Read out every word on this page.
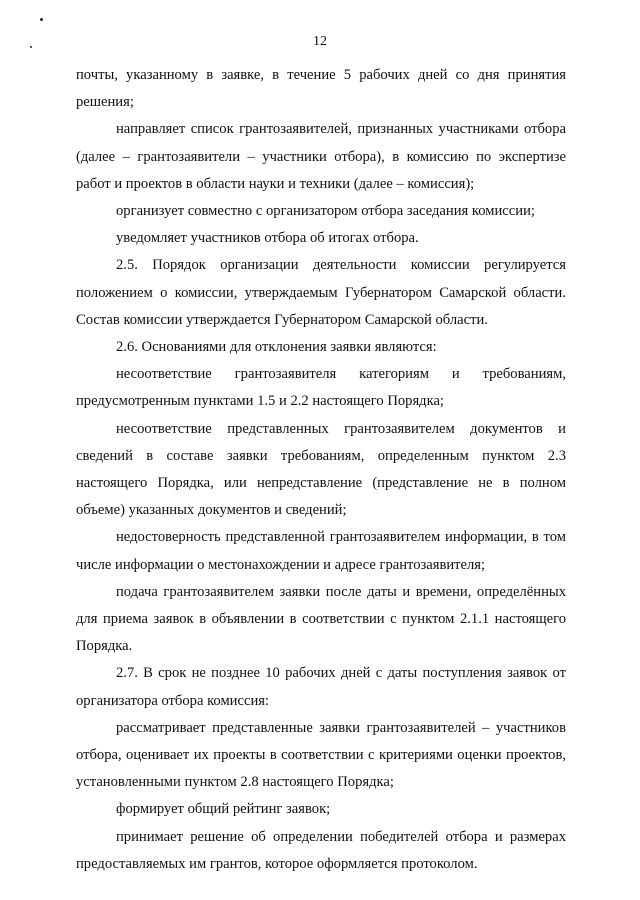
12

почты, указанному в заявке, в течение 5 рабочих дней со дня принятия решения;

направляет список грантозаявителей, признанных участниками отбора (далее – грантозаявители – участники отбора), в комиссию по экспертизе работ и проектов в области науки и техники (далее – комиссия);

организует совместно с организатором отбора заседания комиссии;

уведомляет участников отбора об итогах отбора.

2.5. Порядок организации деятельности комиссии регулируется положением о комиссии, утверждаемым Губернатором Самарской области. Состав комиссии утверждается Губернатором Самарской области.

2.6. Основаниями для отклонения заявки являются:

несоответствие грантозаявителя категориям и требованиям, предусмотренным пунктами 1.5 и 2.2 настоящего Порядка;

несоответствие представленных грантозаявителем документов и сведений в составе заявки требованиям, определенным пунктом 2.3 настоящего Порядка, или непредставление (представление не в полном объеме) указанных документов и сведений;

недостоверность представленной грантозаявителем информации, в том числе информации о местонахождении и адресе грантозаявителя;

подача грантозаявителем заявки после даты и времени, определённых для приема заявок в объявлении в соответствии с пунктом 2.1.1 настоящего Порядка.

2.7. В срок не позднее 10 рабочих дней с даты поступления заявок от организатора отбора комиссия:

рассматривает представленные заявки грантозаявителей – участников отбора, оценивает их проекты в соответствии с критериями оценки проектов, установленными пунктом 2.8 настоящего Порядка;

формирует общий рейтинг заявок;

принимает решение об определении победителей отбора и размерах предоставляемых им грантов, которое оформляется протоколом.
